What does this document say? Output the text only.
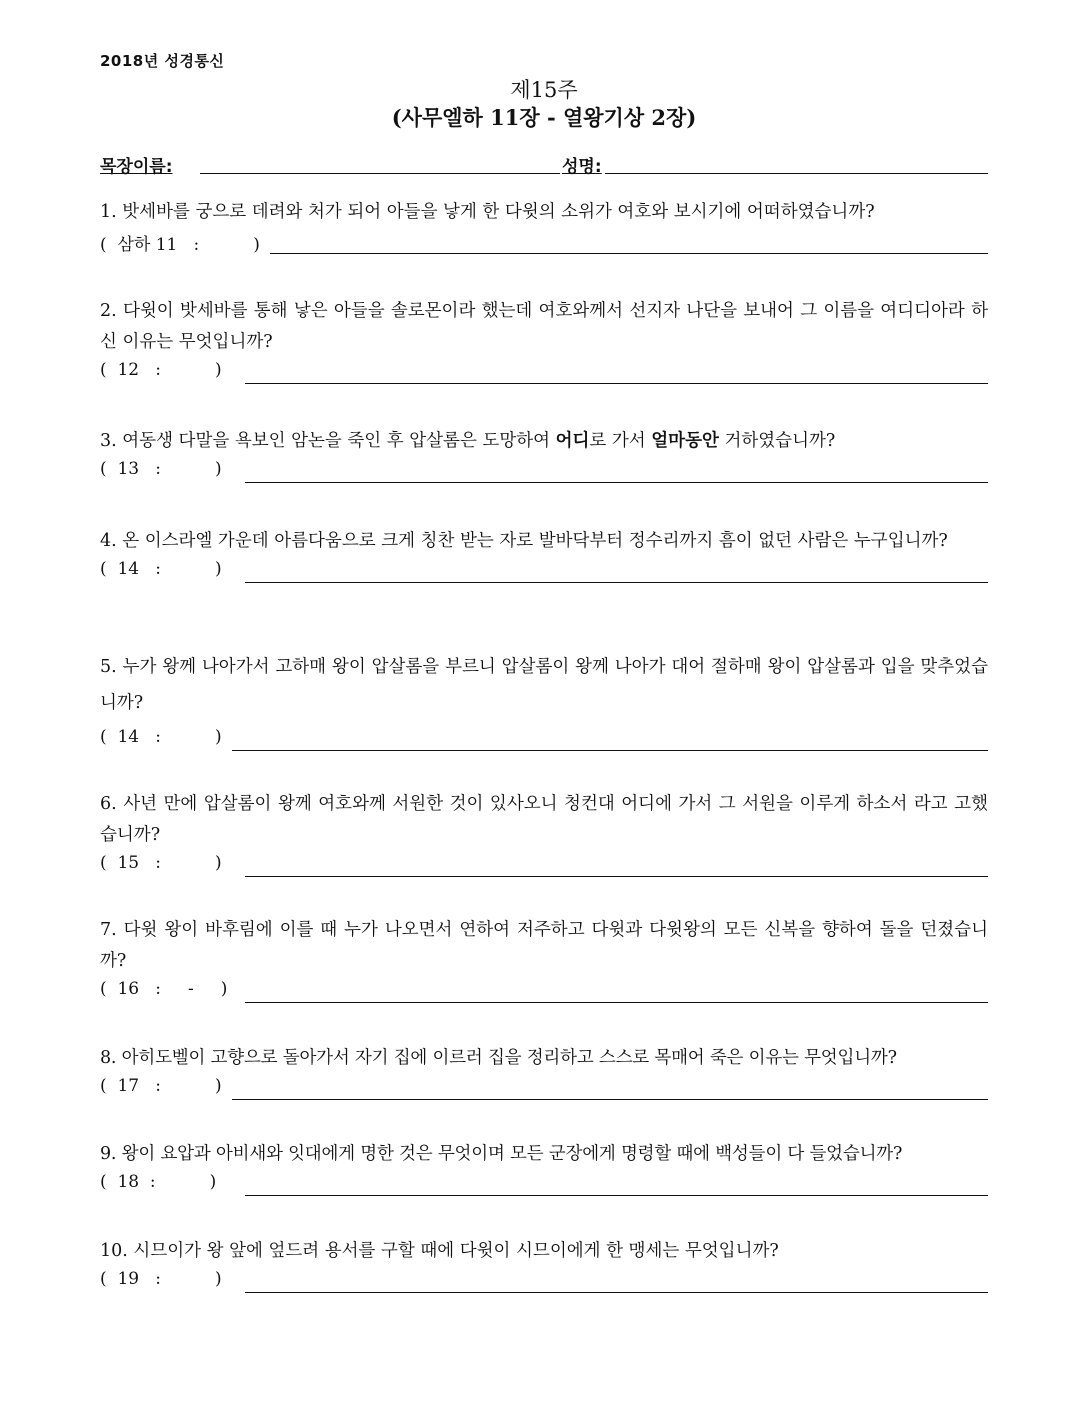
2018년 성경통신
제15주
(사무엘하 11장 - 열왕기상 2장)
목장이름:	성명:
1. 밧세바를 궁으로 데려와 처가 되어 아들을 낳게 한 다윗의 소위가 여호와 보시기에 어떠하였습니까?
(  삼하 11   :          )
2. 다윗이 밧세바를 통해 낳은 아들을 솔로몬이라 했는데 여호와께서 선지자 나단을 보내어 그 이름을 여디디아라 하신 이유는 무엇입니까?
(  12   :          )
3. 여동생 다말을 욕보인 암논을 죽인 후 압살롬은 도망하여 어디로 가서 얼마동안 거하였습니까?
(  13   :          )
4. 온 이스라엘 가운데 아름다움으로 크게 칭찬 받는 자로 발바닥부터 정수리까지 흠이 없던 사람은 누구입니까?
(  14   :          )
5. 누가 왕께 나아가서 고하매 왕이 압살롬을 부르니 압살롬이 왕께 나아가 대어 절하매 왕이 압살롬과 입을 맞추었습니까?
(  14   :          )
6. 사년 만에 압살롬이 왕께 여호와께 서원한 것이 있사오니 청컨대 어디에 가서 그 서원을 이루게 하소서 라고 고했습니까?
(  15   :          )
7. 다윗 왕이 바후림에 이를 때 누가 나오면서 연하여 저주하고 다윗과 다윗왕의 모든 신복을 향하여 돌을 던졌습니까?
(  16   :     -     )
8. 아히도벨이 고향으로 돌아가서 자기 집에 이르러 집을 정리하고 스스로 목매어 죽은 이유는 무엇입니까?
(  17   :          )
9. 왕이 요압과 아비새와 잇대에게 명한 것은 무엇이며 모든 군장에게 명령할 때에 백성들이 다 들었습니까?
(  18  :          )
10. 시므이가 왕 앞에 엎드려 용서를 구할 때에 다윗이 시므이에게 한 맹세는 무엇입니까?
(  19   :          )
